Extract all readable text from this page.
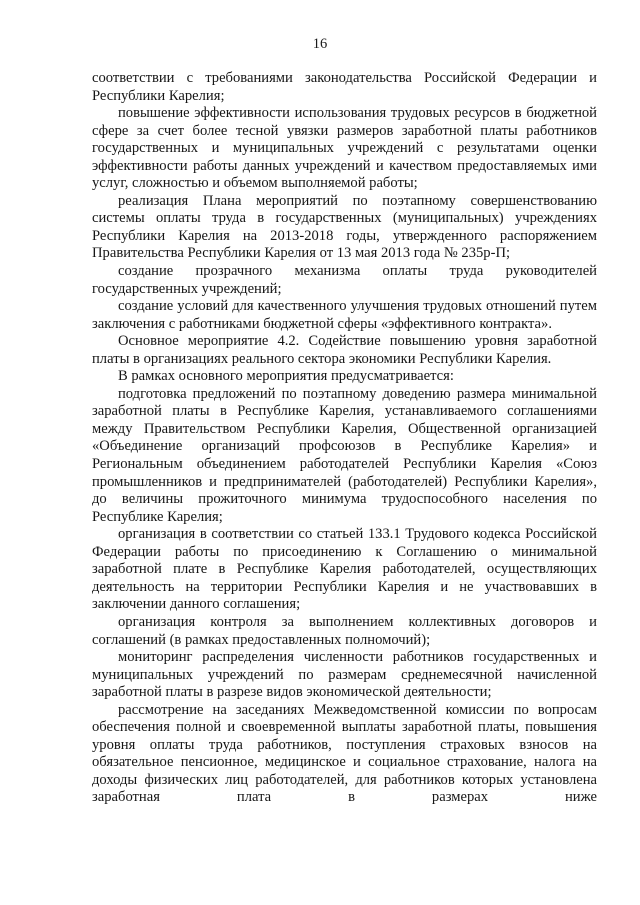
16

соответствии с требованиями законодательства Российской Федерации и Республики Карелия;

повышение эффективности использования трудовых ресурсов в бюджетной сфере за счет более тесной увязки размеров заработной платы работников государственных и муниципальных учреждений с результатами оценки эффективности работы данных учреждений и качеством предоставляемых ими услуг, сложностью и объемом выполняемой работы;

реализация Плана мероприятий по поэтапному совершенствованию системы оплаты труда в государственных (муниципальных) учреждениях Республики Карелия на 2013-2018 годы, утвержденного распоряжением Правительства Республики Карелия от 13 мая 2013 года № 235р-П;

создание прозрачного механизма оплаты труда руководителей государственных учреждений;

создание условий для качественного улучшения трудовых отношений путем заключения с работниками бюджетной сферы «эффективного контракта».

Основное мероприятие 4.2. Содействие повышению уровня заработной платы в организациях реального сектора экономики Республики Карелия.

В рамках основного мероприятия предусматривается:

подготовка предложений по поэтапному доведению размера минимальной заработной платы в Республике Карелия, устанавливаемого соглашениями между Правительством Республики Карелия, Общественной организацией «Объединение организаций профсоюзов в Республике Карелия» и Региональным объединением работодателей Республики Карелия «Союз промышленников и предпринимателей (работодателей) Республики Карелия», до величины прожиточного минимума трудоспособного населения по Республике Карелия;

организация в соответствии со статьей 133.1 Трудового кодекса Российской Федерации работы по присоединению к Соглашению о минимальной заработной плате в Республике Карелия работодателей, осуществляющих деятельность на территории Республики Карелия и не участвовавших в заключении данного соглашения;

организация контроля за выполнением коллективных договоров и соглашений (в рамках предоставленных полномочий);

мониторинг распределения численности работников государственных и муниципальных учреждений по размерам среднемесячной начисленной заработной платы в разрезе видов экономической деятельности;

рассмотрение на заседаниях Межведомственной комиссии по вопросам обеспечения полной и своевременной выплаты заработной платы, повышения уровня оплаты труда работников, поступления страховых взносов на обязательное пенсионное, медицинское и социальное страхование, налога на доходы физических лиц работодателей, для работников которых установлена заработная плата в размерах ниже
